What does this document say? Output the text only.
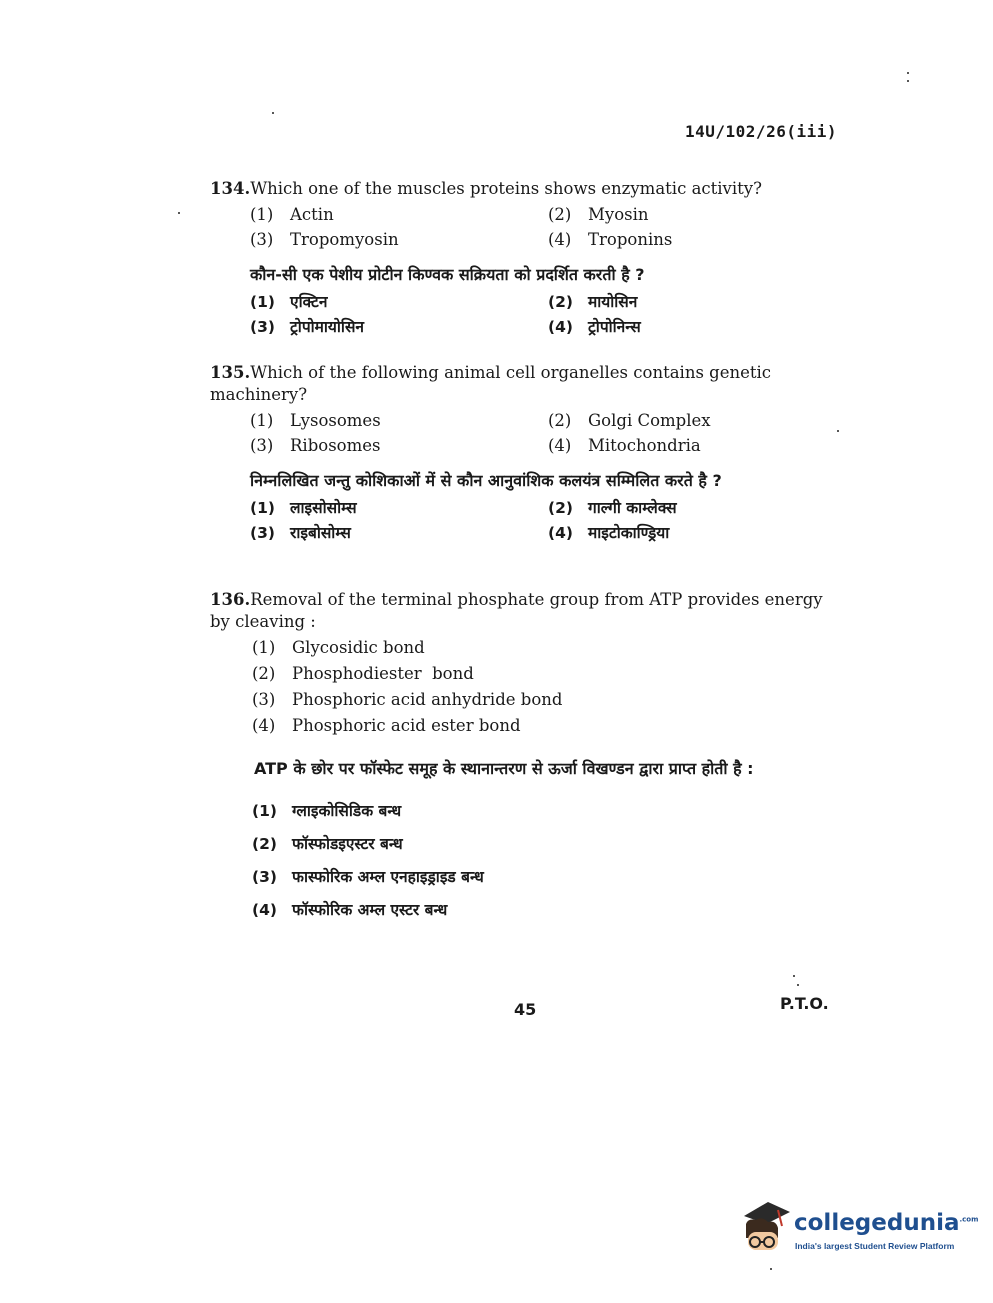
14U/102/26(iii)
134.Which one of the muscles proteins shows enzymatic activity?
(1) Actin	(2) Myosin
(3) Tropomyosin	(4) Troponins
कौन-सी एक पेशीय प्रोटीन किण्वक सक्रियता को प्रदर्शित करती है ?
(1) एक्टिन	(2) मायोसिन
(3) ट्रोपोमायोसिन	(4) ट्रोपोनिन्स
135.Which of the following animal cell organelles contains genetic machinery?
(1) Lysosomes	(2) Golgi Complex
(3) Ribosomes	(4) Mitochondria
निम्नलिखित जन्तु कोशिकाओं में से कौन आनुवांशिक कलयंत्र सम्मिलित करते है ?
(1) लाइसोसोम्स	(2) गाल्गी काम्लेक्स
(3) राइबोसोम्स	(4) माइटोकाण्ड्रिया
136.Removal of the terminal phosphate group from ATP provides energy by cleaving :
(1) Glycosidic bond
(2) Phosphodiester  bond
(3) Phosphoric acid anhydride bond
(4) Phosphoric acid ester bond
ATP के छोर पर फॉस्फेट समूह के स्थानान्तरण से ऊर्जा विखण्डन द्वारा प्राप्त होती है :
(1) ग्लाइकोसिडिक बन्ध
(2) फॉस्फोडइएस्टर बन्ध
(3) फास्फोरिक अम्ल एनहाइड्राइड बन्ध
(4) फॉस्फोरिक अम्ल एस्टर बन्ध
45	P.T.O.
collegedunia$^{.com}$
India's largest Student Review Platform
